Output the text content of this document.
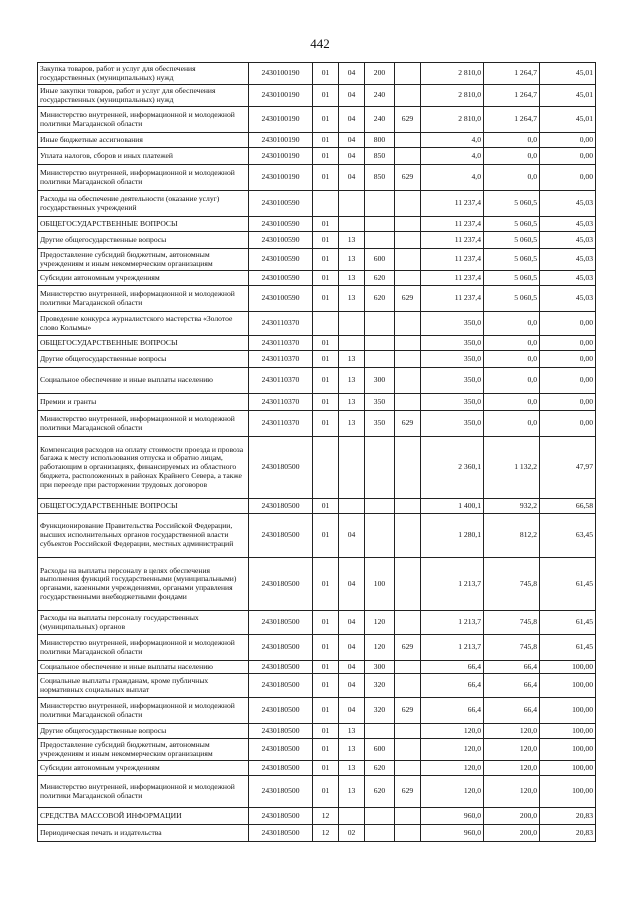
442
Закупка товаров, работ и услуг для обеспечения государственных (муниципальных) нужд	2430100190	01	04	200		2 810,0	1 264,7	45,01
Иные закупки товаров, работ и услуг для обеспечения государственных (муниципальных) нужд	2430100190	01	04	240		2 810,0	1 264,7	45,01
Министерство внутренней, информационной и молодежной политики Магаданской области	2430100190	01	04	240	629	2 810,0	1 264,7	45,01
Иные бюджетные ассигнования	2430100190	01	04	800		4,0	0,0	0,00
Уплата налогов, сборов и иных платежей	2430100190	01	04	850		4,0	0,0	0,00
Министерство внутренней, информационной и молодежной политики Магаданской области	2430100190	01	04	850	629	4,0	0,0	0,00
Расходы на обеспечение деятельности (оказание услуг) государственных учреждений	2430100590					11 237,4	5 060,5	45,03
ОБЩЕГОСУДАРСТВЕННЫЕ ВОПРОСЫ	2430100590	01				11 237,4	5 060,5	45,03
Другие общегосударственные вопросы	2430100590	01	13			11 237,4	5 060,5	45,03
Предоставление субсидий бюджетным, автономным учреждениям и иным некоммерческим организациям	2430100590	01	13	600		11 237,4	5 060,5	45,03
Субсидии автономным учреждениям	2430100590	01	13	620		11 237,4	5 060,5	45,03
Министерство внутренней, информационной и молодежной политики Магаданской области	2430100590	01	13	620	629	11 237,4	5 060,5	45,03
Проведение конкурса журналистского мастерства «Золотое слово Колымы»	2430110370					350,0	0,0	0,00
ОБЩЕГОСУДАРСТВЕННЫЕ ВОПРОСЫ	2430110370	01				350,0	0,0	0,00
Другие общегосударственные вопросы	2430110370	01	13			350,0	0,0	0,00
Социальное обеспечение и иные выплаты населению	2430110370	01	13	300		350,0	0,0	0,00
Премии и гранты	2430110370	01	13	350		350,0	0,0	0,00
Министерство внутренней, информационной и молодежной политики Магаданской области	2430110370	01	13	350	629	350,0	0,0	0,00
Компенсация расходов на оплату стоимости проезда и провоза багажа к месту использования отпуска и обратно лицам, работающим в организациях, финансируемых из областного бюджета, расположенных в районах Крайнего Севера, а также при переезде при расторжении трудовых договоров	2430180500					2 360,1	1 132,2	47,97
ОБЩЕГОСУДАРСТВЕННЫЕ ВОПРОСЫ	2430180500	01				1 400,1	932,2	66,58
Функционирование Правительства Российской Федерации, высших исполнительных органов государственной власти субъектов Российской Федерации, местных администраций	2430180500	01	04			1 280,1	812,2	63,45
Расходы на выплаты персоналу в целях обеспечения выполнения функций государственными (муниципальными) органами, казенными учреждениями, органами управления государственными внебюджетными фондами	2430180500	01	04	100		1 213,7	745,8	61,45
Расходы на выплаты персоналу государственных (муниципальных) органов	2430180500	01	04	120		1 213,7	745,8	61,45
Министерство внутренней, информационной и молодежной политики Магаданской области	2430180500	01	04	120	629	1 213,7	745,8	61,45
Социальное обеспечение и иные выплаты населению	2430180500	01	04	300		66,4	66,4	100,00
Социальные выплаты гражданам, кроме публичных нормативных социальных выплат	2430180500	01	04	320		66,4	66,4	100,00
Министерство внутренней, информационной и молодежной политики Магаданской области	2430180500	01	04	320	629	66,4	66,4	100,00
Другие общегосударственные вопросы	2430180500	01	13			120,0	120,0	100,00
Предоставление субсидий бюджетным, автономным учреждениям и иным некоммерческим организациям	2430180500	01	13	600		120,0	120,0	100,00
Субсидии автономным учреждениям	2430180500	01	13	620		120,0	120,0	100,00
Министерство внутренней, информационной и молодежной политики Магаданской области	2430180500	01	13	620	629	120,0	120,0	100,00
СРЕДСТВА МАССОВОЙ ИНФОРМАЦИИ	2430180500	12				960,0	200,0	20,83
Периодическая печать и издательства	2430180500	12	02			960,0	200,0	20,83
